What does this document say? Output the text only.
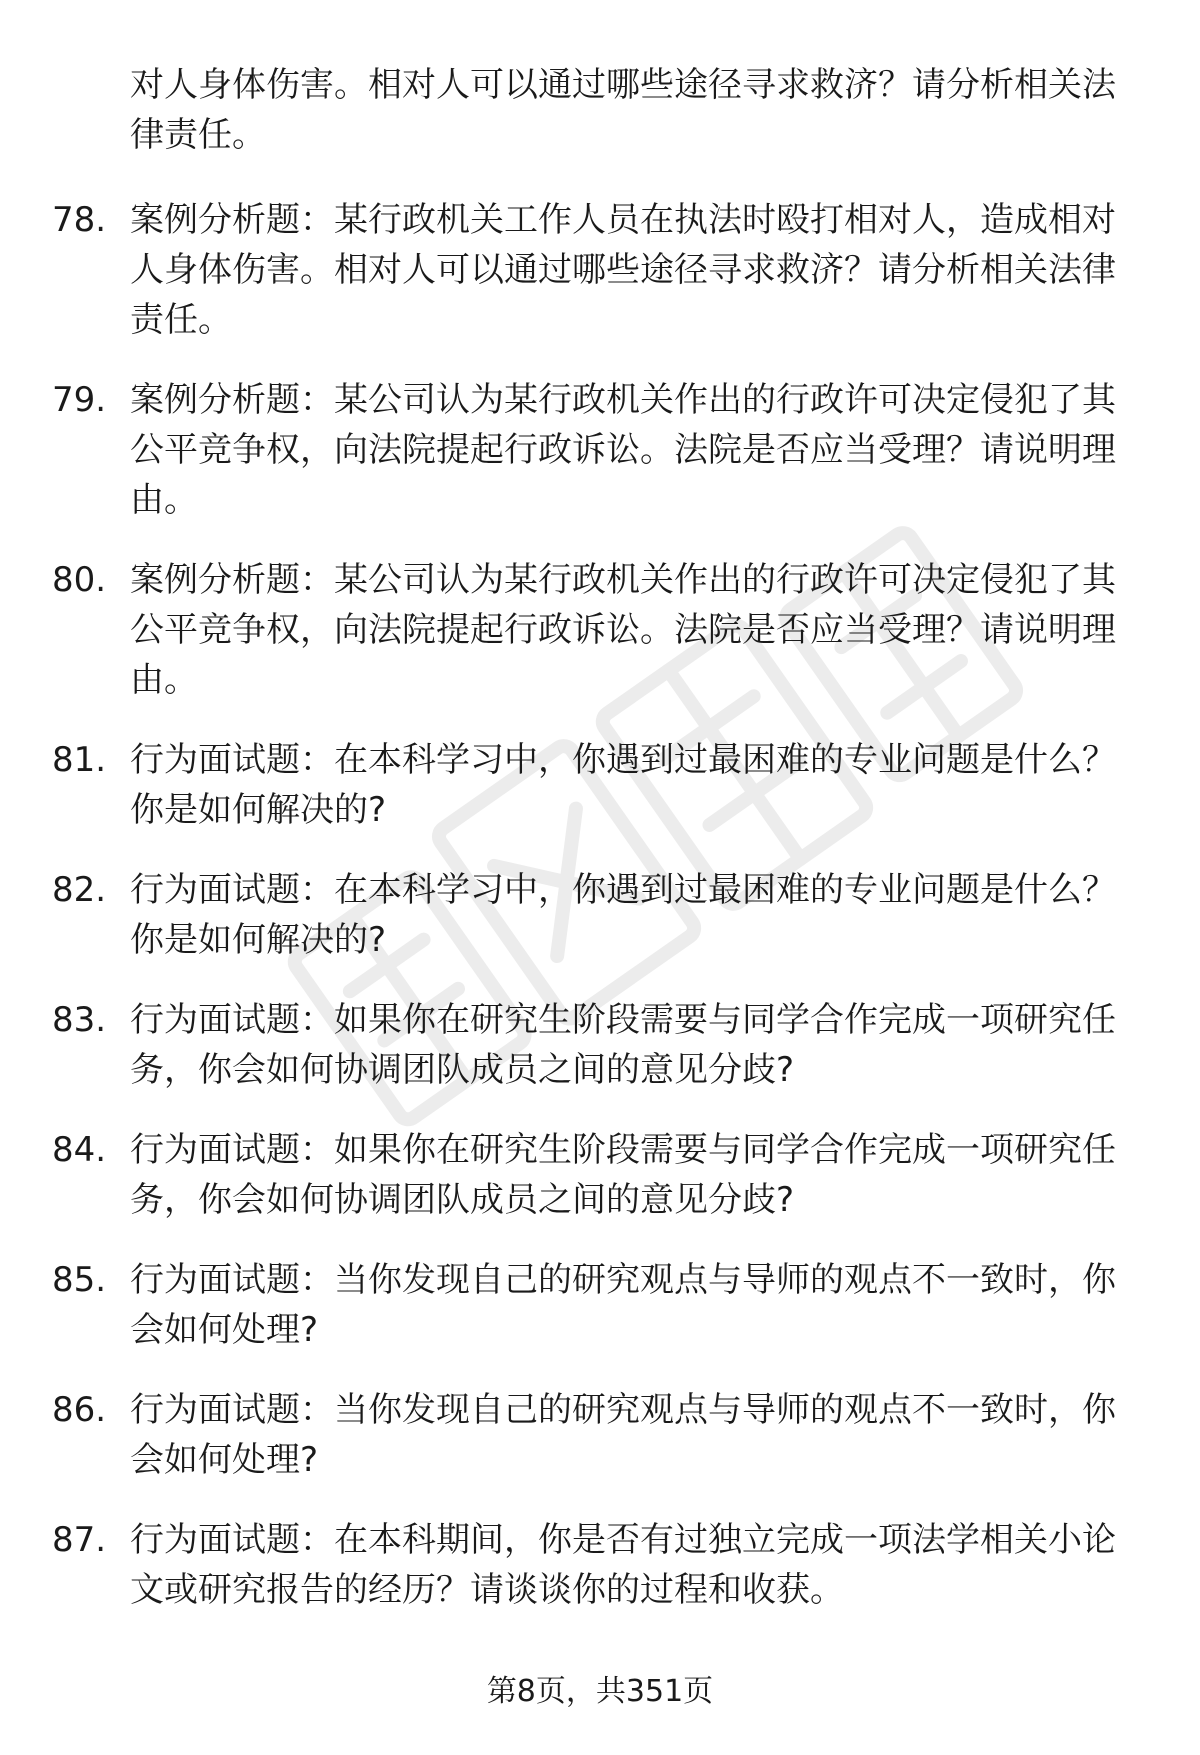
对人身体伤害。相对人可以通过哪些途径寻求救济？请分析相关法律责任。
78. 案例分析题：某行政机关工作人员在执法时殴打相对人，造成相对人身体伤害。相对人可以通过哪些途径寻求救济？请分析相关法律责任。
79. 案例分析题：某公司认为某行政机关作出的行政许可决定侵犯了其公平竞争权，向法院提起行政诉讼。法院是否应当受理？请说明理由。
80. 案例分析题：某公司认为某行政机关作出的行政许可决定侵犯了其公平竞争权，向法院提起行政诉讼。法院是否应当受理？请说明理由。
81. 行为面试题：在本科学习中，你遇到过最困难的专业问题是什么？你是如何解决的?
82. 行为面试题：在本科学习中，你遇到过最困难的专业问题是什么？你是如何解决的?
83. 行为面试题：如果你在研究生阶段需要与同学合作完成一项研究任务，你会如何协调团队成员之间的意见分歧?
84. 行为面试题：如果你在研究生阶段需要与同学合作完成一项研究任务，你会如何协调团队成员之间的意见分歧?
85. 行为面试题：当你发现自己的研究观点与导师的观点不一致时，你会如何处理?
86. 行为面试题：当你发现自己的研究观点与导师的观点不一致时，你会如何处理?
87. 行为面试题：在本科期间，你是否有过独立完成一项法学相关小论文或研究报告的经历？请谈谈你的过程和收获。
第8页，共351页
